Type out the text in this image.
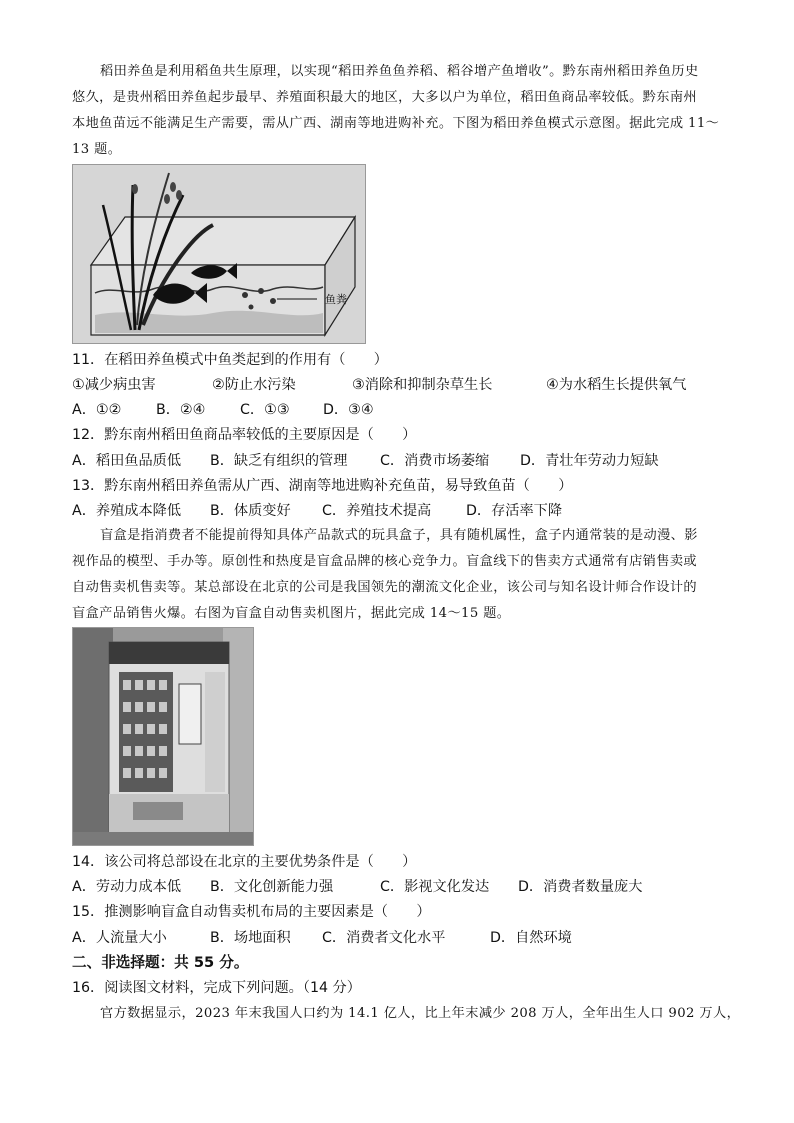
稻田养鱼是利用稻鱼共生原理，以实现“稻田养鱼鱼养稻、稻谷增产鱼增收”。黔东南州稻田养鱼历史
悠久，是贵州稻田养鱼起步最早、养殖面积最大的地区，大多以户为单位，稻田鱼商品率较低。黔东南州
本地鱼苗远不能满足生产需要，需从广西、湖南等地进购补充。下图为稻田养鱼模式示意图。据此完成 11～
13 题。
鱼粪
11．在稻田养鱼模式中鱼类起到的作用有（　　）
①减少病虫害	②防止水污染	③消除和抑制杂草生长	④为水稻生长提供氧气
A．①② B．②④ C．①③ D．③④
12．黔东南州稻田鱼商品率较低的主要原因是（　　）
A．稻田鱼品质低 B．缺乏有组织的管理 C．消费市场萎缩 D．青壮年劳动力短缺
13．黔东南州稻田养鱼需从广西、湖南等地进购补充鱼苗，易导致鱼苗（　　）
A．养殖成本降低 B．体质变好 C．养殖技术提高 D．存活率下降
盲盒是指消费者不能提前得知具体产品款式的玩具盒子，具有随机属性，盒子内通常装的是动漫、影
视作品的模型、手办等。原创性和热度是盲盒品牌的核心竞争力。盲盒线下的售卖方式通常有店销售卖或
自动售卖机售卖等。某总部设在北京的公司是我国领先的潮流文化企业，该公司与知名设计师合作设计的
盲盒产品销售火爆。右图为盲盒自动售卖机图片，据此完成 14～15 题。
14．该公司将总部设在北京的主要优势条件是（　　）
A．劳动力成本低 B．文化创新能力强	C．影视文化发达 D．消费者数量庞大
15．推测影响盲盒自动售卖机布局的主要因素是（　　）
A．人流量大小	B．场地面积 C．消费者文化水平	D．自然环境
二、非选择题：共 55 分。
16．阅读图文材料，完成下列问题。（14 分）
官方数据显示，2023 年末我国人口约为 14.1 亿人，比上年末减少 208 万人，全年出生人口 902 万人，
